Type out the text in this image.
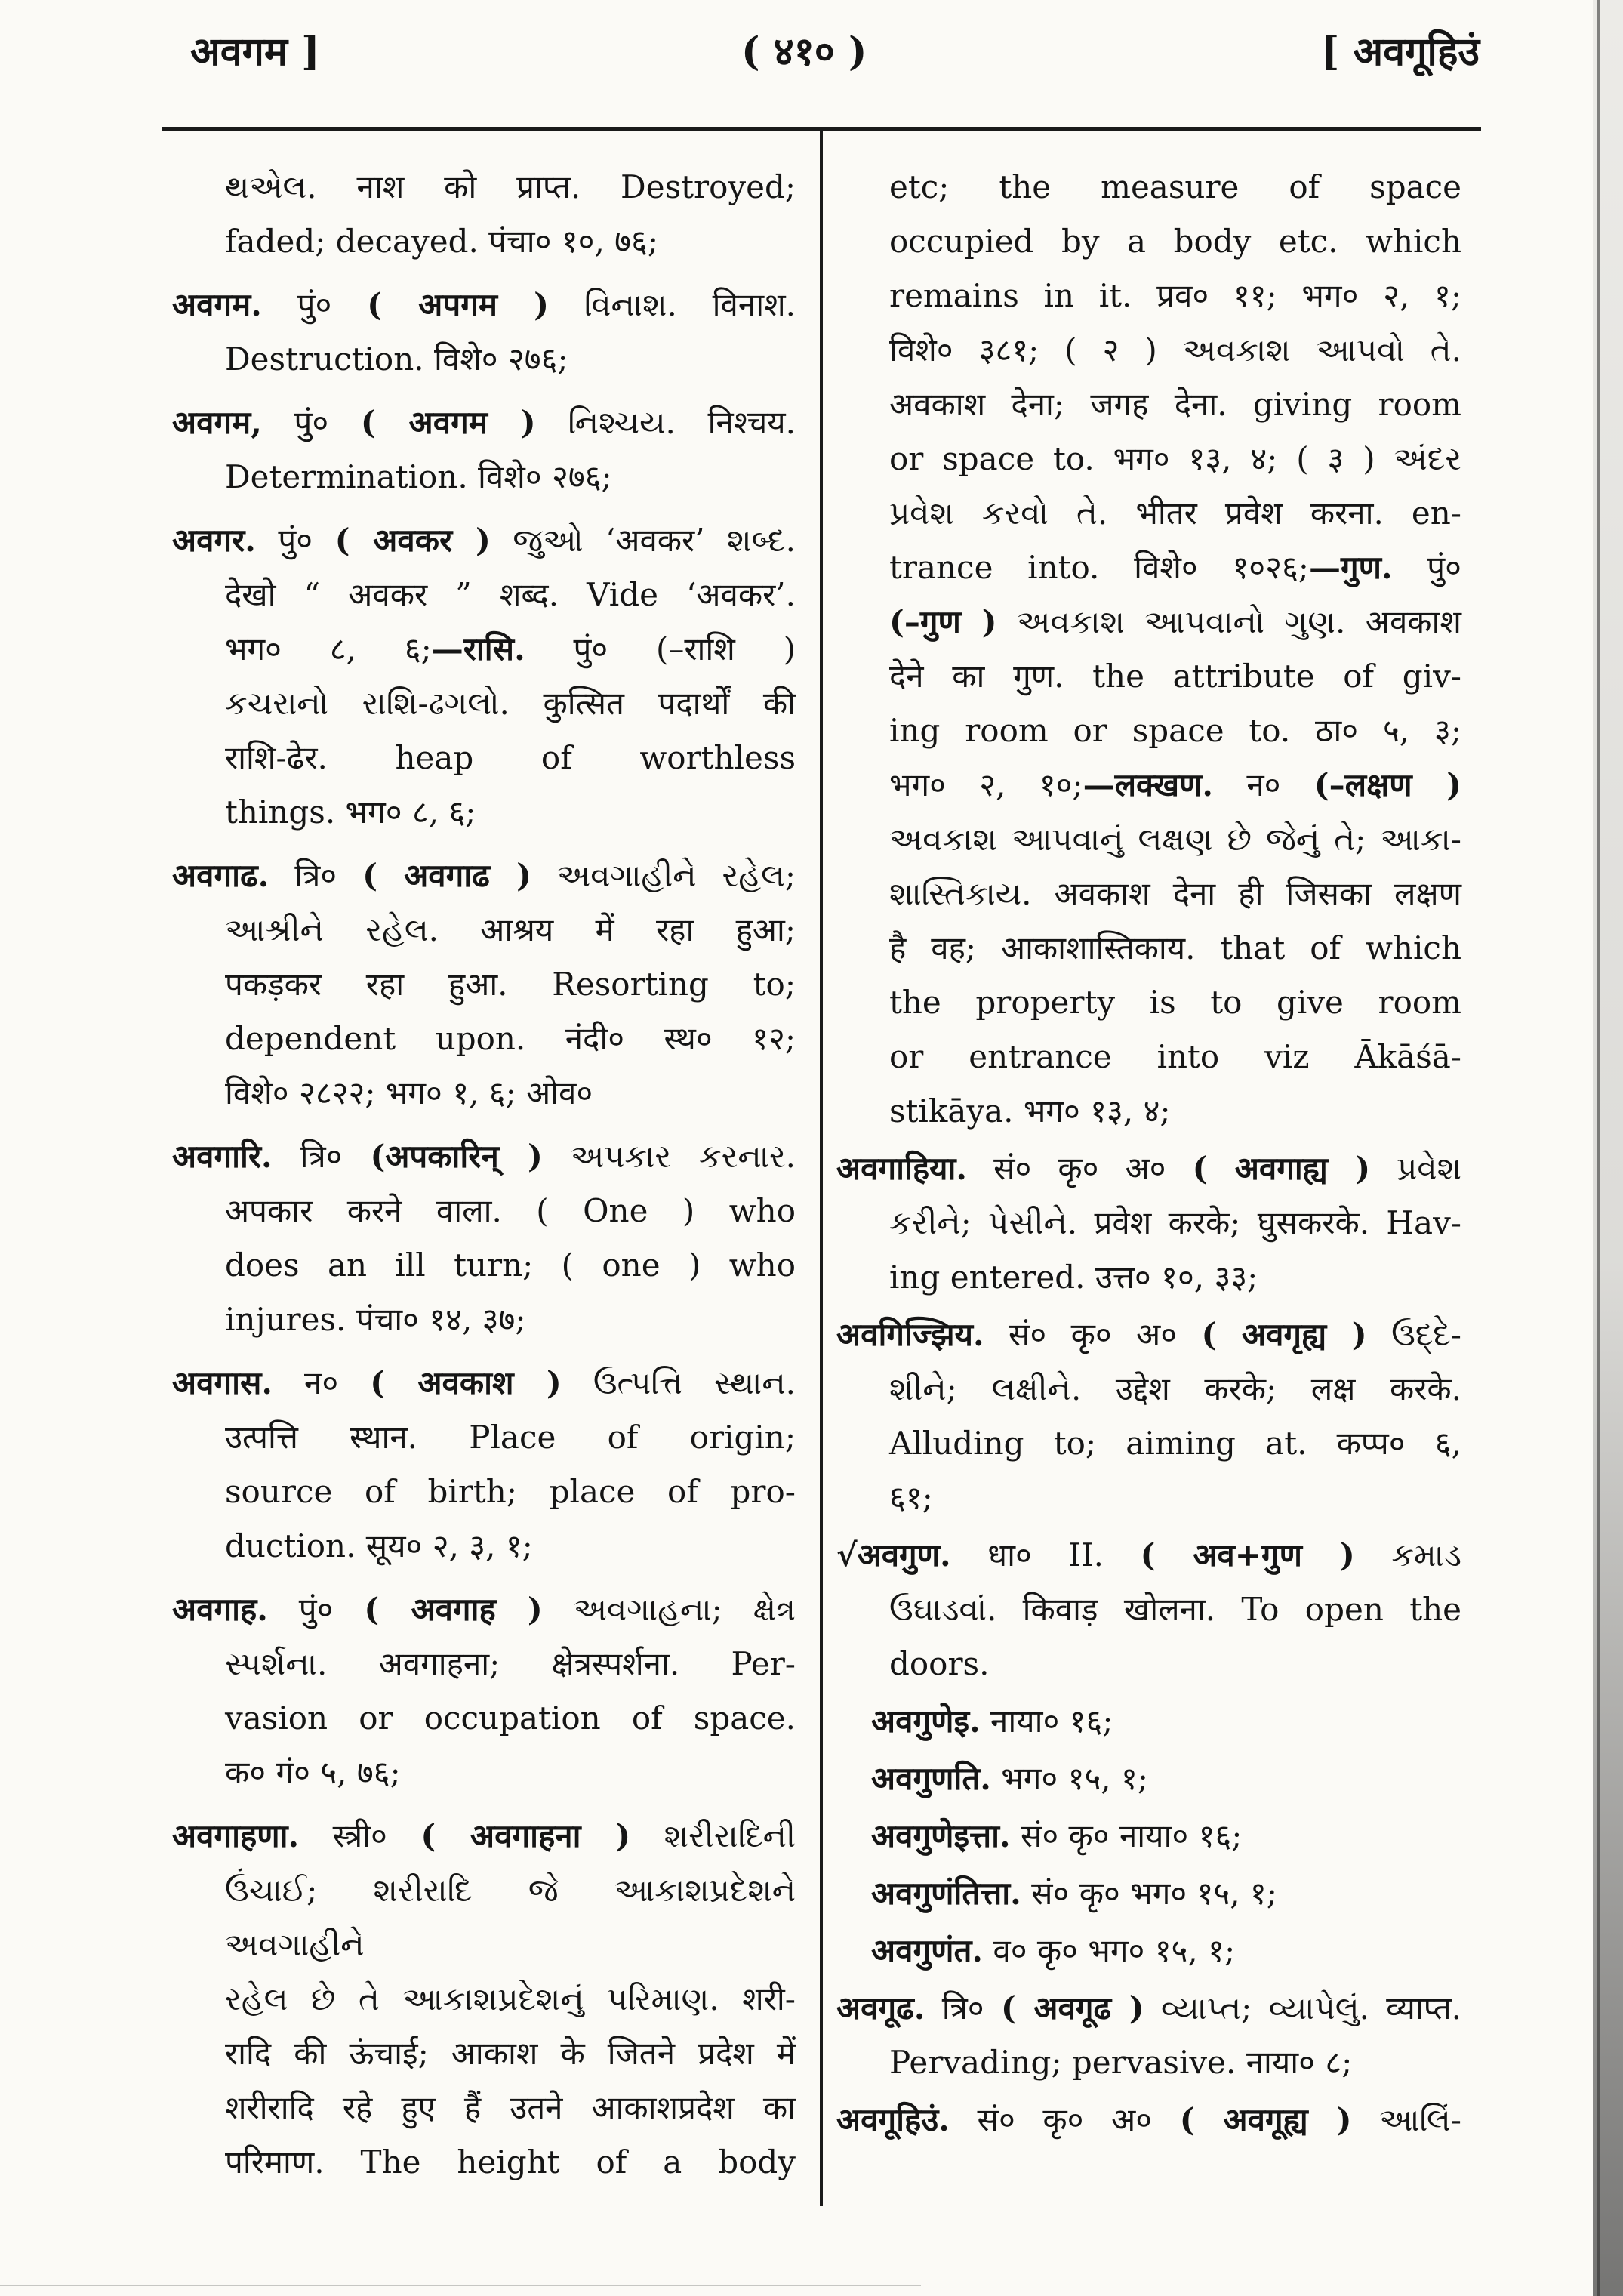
अवगम ]	( ४१० )	[ अवगूहिउं
થએલ. नाश को प्राप्त. Destroyed;
faded; decayed. पंचा० १०, ७६;
अवगम. पुं० ( अपगम ) વિનાશ. विनाश.
Destruction. विशे० २७६;
अवगम, पुं० ( अवगम ) નિશ્ચય. निश्चय.
Determination. विशे० २७६;
अवगर. पुं० ( अवकर ) જુઓ ‘अवकर’ શબ્દ.
देखो “ अवकर ” शब्द. Vide ‘अवकर’.
भग० ८, ६;—रासि. पुं० (–राशि )
કચરાનો રાશિ-ઢગલો. कुत्सित पदार्थों की
राशि-ढेर. heap of worthless
things. भग० ८, ६;
अवगाढ. त्रि० ( अवगाढ ) અવગાહીને રહેલ;
આશ્રીને રહેલ. आश्रय में रहा हुआ;
पकड़कर रहा हुआ. Resorting to;
dependent upon. नंदी० स्थ० १२;
विशे० २८२२; भग० १, ६; ओव०
अवगारि. त्रि० (अपकारिन् ) અપકાર કરનાર.
अपकार करने वाला. ( One ) who
does an ill turn; ( one ) who
injures. पंचा० १४, ३७;
अवगास. न० ( अवकाश ) ઉત્પત્તિ સ્થાન.
उत्पत्ति स्थान. Place of origin;
source of birth; place of pro-
duction. सूय० २, ३, १;
अवगाह. पुं० ( अवगाह ) અવગાહના; ક્ષેત્ર
સ્પર્શના. अवगाहना; क्षेत्रस्पर्शना. Per-
vasion or occupation of space.
क० गं० ५, ७६;
अवगाहणा. स्त्री० ( अवगाहना ) શરીરાદિની
ઉંચાઈ; શરીરાદિ જે આકાશપ્રદેશને અવગાહીને
રહેલ છે તે આકાશપ્રદેશનું પરિમાણ. शरी-
रादि की ऊंचाई; आकाश के जितने प्रदेश में
शरीरादि रहे हुए हैं उतने आकाशप्रदेश का
परिमाण. The height of a body
etc; the measure of space
occupied by a body etc. which
remains in it. प्रव० ११; भग० २, १;
विशे० ३८१; ( २ ) અવકાશ આપવો તે.
अवकाश देना; जगह देना. giving room
or space to. भग० १३, ४; ( ३ ) અંદર
પ્રવેશ કરવો તે. भीतर प्रवेश करना. en-
trance into. विशे० १०२६;—गुण. पुं०
(–गुण ) અવકાશ આપવાનો ગુણ. अवकाश
देने का गुण. the attribute of giv-
ing room or space to. ठा० ५, ३;
भग० २, १०;—लक्खण. न० (–लक्षण )
અવકાશ આપવાનું લક્ષણ છે જેનું તે; આકા-
શાસ્તિકાય. अवकाश देना ही जिसका लक्षण
है वह; आकाशास्तिकाय. that of which
the property is to give room
or entrance into viz Ākāśā-
stikāya. भग० १३, ४;
अवगाहिया. सं० कृ० अ० ( अवगाह्य ) પ્રવેશ
કરીને; પેસીને. प्रवेश करके; घुसकरके. Hav-
ing entered. उत्त० १०, ३३;
अवगिज्झिय. सं० कृ० अ० ( अवगृह्य ) ઉદ્દે-
શીને; લક્ષીને. उद्देश करके; लक्ष करके.
Alluding to; aiming at. कप्प० ६,
६१;
√अवगुण. धा० II. ( अव+गुण ) કમાડ
ઉઘાડવાં. किवाड़ खोलना. To open the
doors.
अवगुणेइ. नाया० १६;
अवगुणति. भग० १५, १;
अवगुणेइत्ता. सं० कृ० नाया० १६;
अवगुणंतित्ता. सं० कृ० भग० १५, १;
अवगुणंत. व० कृ० भग० १५, १;
अवगूढ. त्रि० ( अवगूढ ) વ્યાપ્ત; વ્યાપેલું. व्याप्त.
Pervading; pervasive. नाया० ८;
अवगूहिउं. सं० कृ० अ० ( अवगूह्य ) આલિં-
